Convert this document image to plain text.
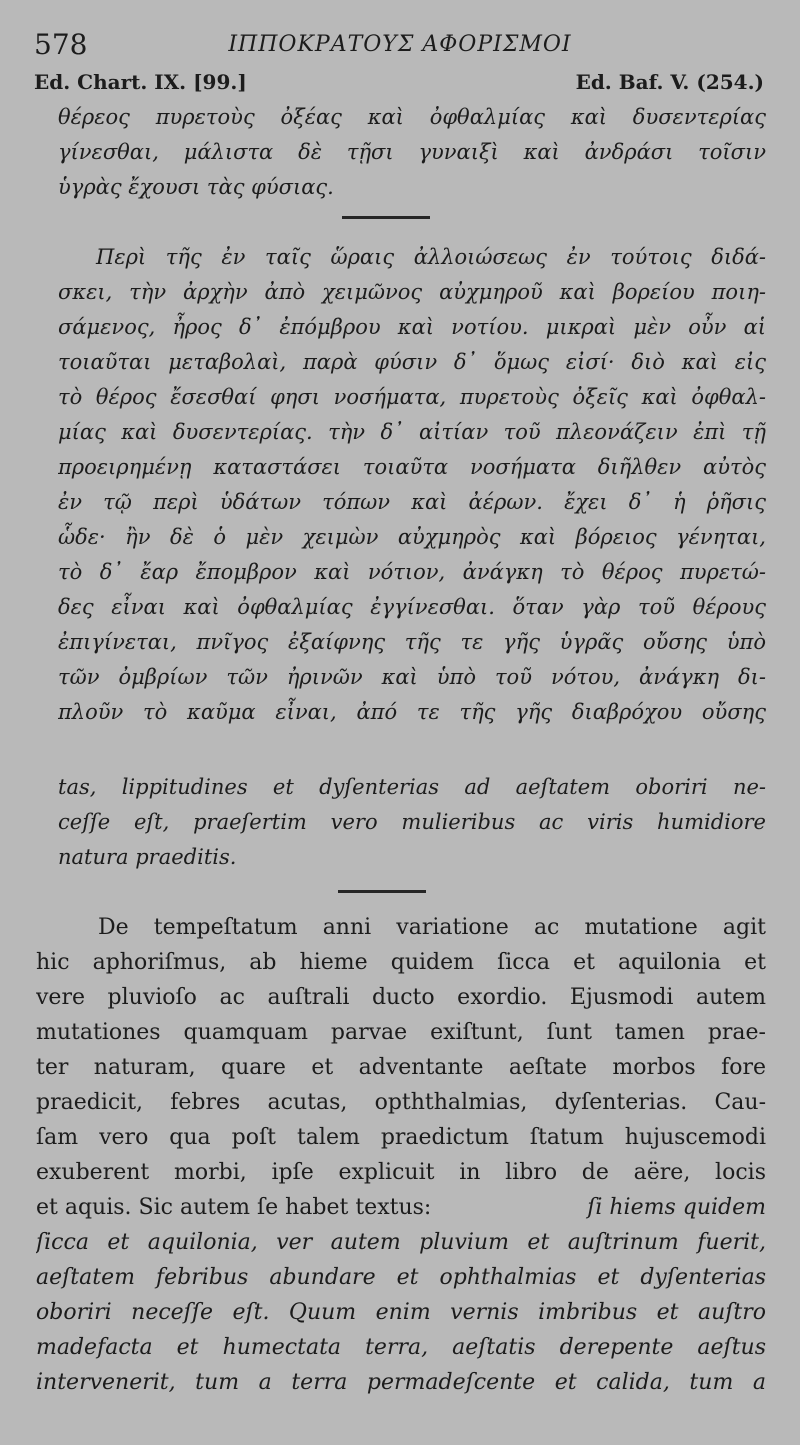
578	ΙΠΠΟΚΡΑΤΟΥΣ ΑΦΟΡΙΣΜΟΙ
Ed. Chart. IX. [99.]	Ed. Baf. V. (254.)
θέρεος πυρετοὺς ὀξέας καὶ ὀφθαλμίας καὶ δυσεντερίας
γίνεσθαι, μάλιστα δὲ τῇσι γυναιξὶ καὶ ἀνδράσι τοῖσιν
ὑγρὰς ἔχουσι τὰς φύσιας.
Περὶ τῆς ἐν ταῖς ὥραις ἀλλοιώσεως ἐν τούτοις διδά-
σκει, τὴν ἀρχὴν ἀπὸ χειμῶνος αὐχμηροῦ καὶ βορείου ποιη-
σάμενος, ἦρος δ᾽ ἐπόμβρου καὶ νοτίου. μικραὶ μὲν οὖν αἱ
τοιαῦται μεταβολαὶ, παρὰ φύσιν δ᾽ ὅμως εἰσί· διὸ καὶ εἰς
τὸ θέρος ἔσεσθαί φησι νοσήματα, πυρετοὺς ὀξεῖς καὶ ὀφθαλ-
μίας καὶ δυσεντερίας. τὴν δ᾽ αἰτίαν τοῦ πλεονάζειν ἐπὶ τῇ
προειρημένῃ καταστάσει τοιαῦτα νοσήματα διῆλθεν αὐτὸς
ἐν τῷ περὶ ὑδάτων τόπων καὶ ἀέρων. ἔχει δ᾽ ἡ ῥῆσις
ὧδε· ἢν δὲ ὁ μὲν χειμὼν αὐχμηρὸς καὶ βόρειος γένηται,
τὸ δ᾽ ἔαρ ἔπομβρον καὶ νότιον, ἀνάγκη τὸ θέρος πυρετώ-
δες εἶναι καὶ ὀφθαλμίας ἐγγίνεσθαι. ὅταν γὰρ τοῦ θέρους
ἐπιγίνεται, πνῖγος ἐξαίφνης τῆς τε γῆς ὑγρᾶς οὔσης ὑπὸ
τῶν ὀμβρίων τῶν ἠρινῶν καὶ ὑπὸ τοῦ νότου, ἀνάγκη δι-
πλοῦν τὸ καῦμα εἶναι, ἀπό τε τῆς γῆς διαβρόχου οὔσης
tas, lippitudines et dyſenterias ad aeſtatem oboriri ne-
ceſſe eſt, praeſertim vero mulieribus ac viris humidiore
natura praeditis.
De tempeſtatum anni variatione ac mutatione agit
hic aphoriſmus, ab hieme quidem ſicca et aquilonia et
vere pluvioſo ac auſtrali ducto exordio. Ejusmodi autem
mutationes quamquam parvae exiſtunt, ſunt tamen prae-
ter naturam, quare et adventante aeſtate morbos fore
praedicit, febres acutas, opththalmias, dyſenterias. Cau-
ſam vero qua poſt talem praedictum ſtatum hujuscemodi
exuberent morbi, ipſe explicuit in libro de aëre, locis
et aquis. Sic autem ſe habet textus:	ſi hiems quidem
ſicca et aquilonia, ver autem pluvium et auſtrinum fuerit,
aeſtatem febribus abundare et ophthalmias et dyſenterias
oboriri neceſſe eſt. Quum enim vernis imbribus et auſtro
madefacta et humectata terra, aeſtatis derepente aeſtus
intervenerit, tum a terra permadeſcente et calida, tum a
